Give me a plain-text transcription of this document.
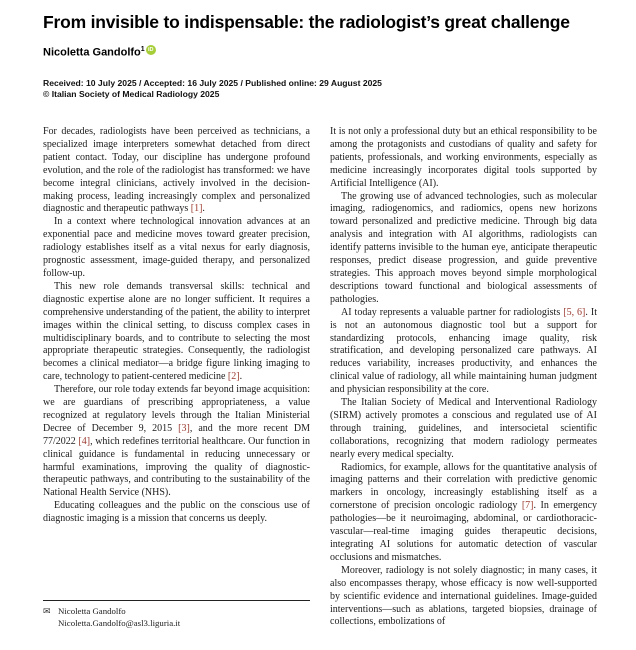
From invisible to indispensable: the radiologist’s great challenge
Nicoletta Gandolfo$^1$ iD
Received: 10 July 2025 / Accepted: 16 July 2025 / Published online: 29 August 2025
© Italian Society of Medical Radiology 2025

For decades, radiologists have been perceived as technicians, a specialized image interpreters somewhat detached from direct patient contact. Today, our discipline has undergone profound evolution, and the role of the radiologist has transformed: we have become integral clinicians, actively involved in the decision-making process, leading increasingly complex and personalized diagnostic and therapeutic pathways [1].

In a context where technological innovation advances at an exponential pace and medicine moves toward greater precision, radiology establishes itself as a vital nexus for early diagnosis, prognostic assessment, image-guided therapy, and personalized follow-up.

This new role demands transversal skills: technical and diagnostic expertise alone are no longer sufficient. It requires a comprehensive understanding of the patient, the ability to interpret images within the clinical setting, to discuss complex cases in multidisciplinary boards, and to contribute to selecting the most appropriate therapeutic strategies. Consequently, the radiologist becomes a clinical mediator—a bridge figure linking imaging to care, technology to patient-centered medicine [2].

Therefore, our role today extends far beyond image acquisition: we are guardians of prescribing appropriateness, a value recognized at regulatory levels through the Italian Ministerial Decree of December 9, 2015 [3], and the more recent DM 77/2022 [4], which redefines territorial healthcare. Our function in clinical guidance is fundamental in reducing unnecessary or harmful examinations, improving the quality of diagnostic-therapeutic pathways, and contributing to the sustainability of the National Health Service (NHS).

Educating colleagues and the public on the conscious use of diagnostic imaging is a mission that concerns us deeply.

It is not only a professional duty but an ethical responsibility to be among the protagonists and custodians of quality and safety for patients, professionals, and working environments, especially as medicine increasingly incorporates digital tools supported by Artificial Intelligence (AI).

The growing use of advanced technologies, such as molecular imaging, radiogenomics, and radiomics, opens new horizons toward personalized and predictive medicine. Through big data analysis and integration with AI algorithms, radiologists can identify patterns invisible to the human eye, anticipate therapeutic responses, predict disease progression, and guide preventive strategies. This approach moves beyond simple morphological descriptions toward functional and biological assessments of pathologies.

AI today represents a valuable partner for radiologists [5, 6]. It is not an autonomous diagnostic tool but a support for standardizing protocols, enhancing image quality, risk stratification, and developing personalized care pathways. AI reduces variability, increases productivity, and enhances the clinical value of radiology, all while maintaining human judgment and physician responsibility at the core.

The Italian Society of Medical and Interventional Radiology (SIRM) actively promotes a conscious and regulated use of AI through training, guidelines, and intersocietal scientific collaborations, recognizing that modern radiology permeates nearly every medical specialty.

Radiomics, for example, allows for the quantitative analysis of imaging patterns and their correlation with predictive genomic markers in oncology, increasingly establishing itself as a cornerstone of precision oncologic radiology [7]. In emergency pathologies—be it neuroimaging, abdominal, or cardiothoracic-vascular—real-time imaging guides therapeutic decisions, integrating AI solutions for automatic detection of vascular occlusions and mismatches.

Moreover, radiology is not solely diagnostic; in many cases, it also encompasses therapy, whose efficacy is now well-supported by scientific evidence and international guidelines. Image-guided interventions—such as ablations, targeted biopsies, drainage of collections, embolizations of

✉ Nicoletta Gandolfo
Nicoletta.Gandolfo@asl3.liguria.it
